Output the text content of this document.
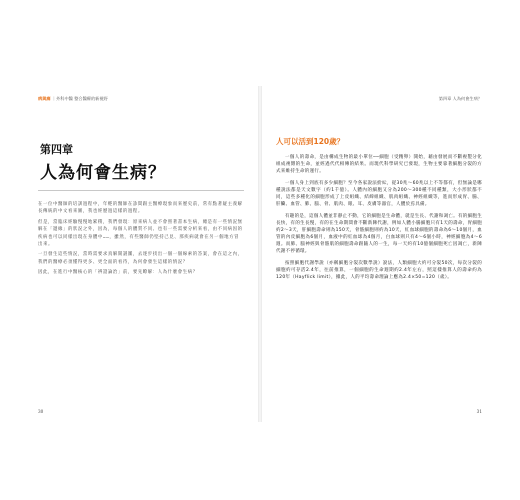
病與痛 ｜外科中醫 整合醫療的新視野
第四章
人為何會生病？

在一位中醫師的培訓過程中，年輕的醫師在診間跟主醫療現象而來歷史前，常有點著疑主義解長傳統的中文看來圖，我也經歷過這樣的過程。

但是，當臨床經驗慢慢地累積，我們發現：原來病人並不會照著書本生病，總是有一些情況無解在「邊緣」的狀況之外，因為，每個人的體質不同、也有一些需要分析來看，由不同病因的疾病也可以同樣出現在身體中……，雖然，有些醫師仍堅持己見、那疾病就會在另一個地方冒出來。

一旦發生這些情況，當時需要求真解開謎團，去逐步找出一個一個線索的答案，會在這之內，我們的醫療必須懂得更多、更全面的看待，為何會發生這樣的情況？

因此，在進行中醫核心的「辨證論治」前，要先瞭解：人為什麼會生病？

30
第四章 人為何會生病？
人可以活到120歲？

一個人的壽命，是由構成生物的最小單位──細胞（受精卵）開始，藉由發展而不斷複製分化組成複雜的生命，並經過代代相傳的結果。而現代科學研究已發現，生物主要靠著細胞分裂的方式來維持生命的運行。

一個人身上到底有多少細胞？至今各家說法紛紜，從30兆～60兆以上不等都有，但無論是哪種說法都是天文數字（約1千億）。人體內的細胞又分為200～300種不同種類，大小形狀都不同，這些多種化的細胞形成了上皮組織、結締組織、肌肉組織、神經組織等，進而形成胃、腸、肝臟、血管、肺、腦、骨、肌肉、眼、耳、皮膚等器官，人體於焉具備。

有趣的是，這個人體並非靜止不動，它的細胞是生命體，就是生長、代謝和凋亡。有的細胞生長快，有的生長慢，有的在生命期間會不斷新陳代謝，例如人體小腸細胞只有1天的壽命，胃細胞約2～3天，肝細胞壽命則為150天，骨骼細胞則約為10天，紅血球細胞的壽命為6～10個月，血管的內皮細胞為6個月，血液中的紅血球為4個月，白血球則只有4～6個小時，神經細胞為4～6週。而肺、腦神經與骨骼肌的細胞壽命跟隨人的一生，每一天約有10億個細胞死亡因凋亡，新陳代謝不停循環。

按照細胞代謝學說（亦稱細胞分裂次數學說）說法，人類細胞大約可分裂50次，每次分裂的細胞約可存活2.4年，往前推算，一個細胞的生命週期約2.4年左右，照這樣推算人的壽命約為120年（Hayflick limit），據此，人的平均壽命理論上應為2.4×50=120（歲）。

31
